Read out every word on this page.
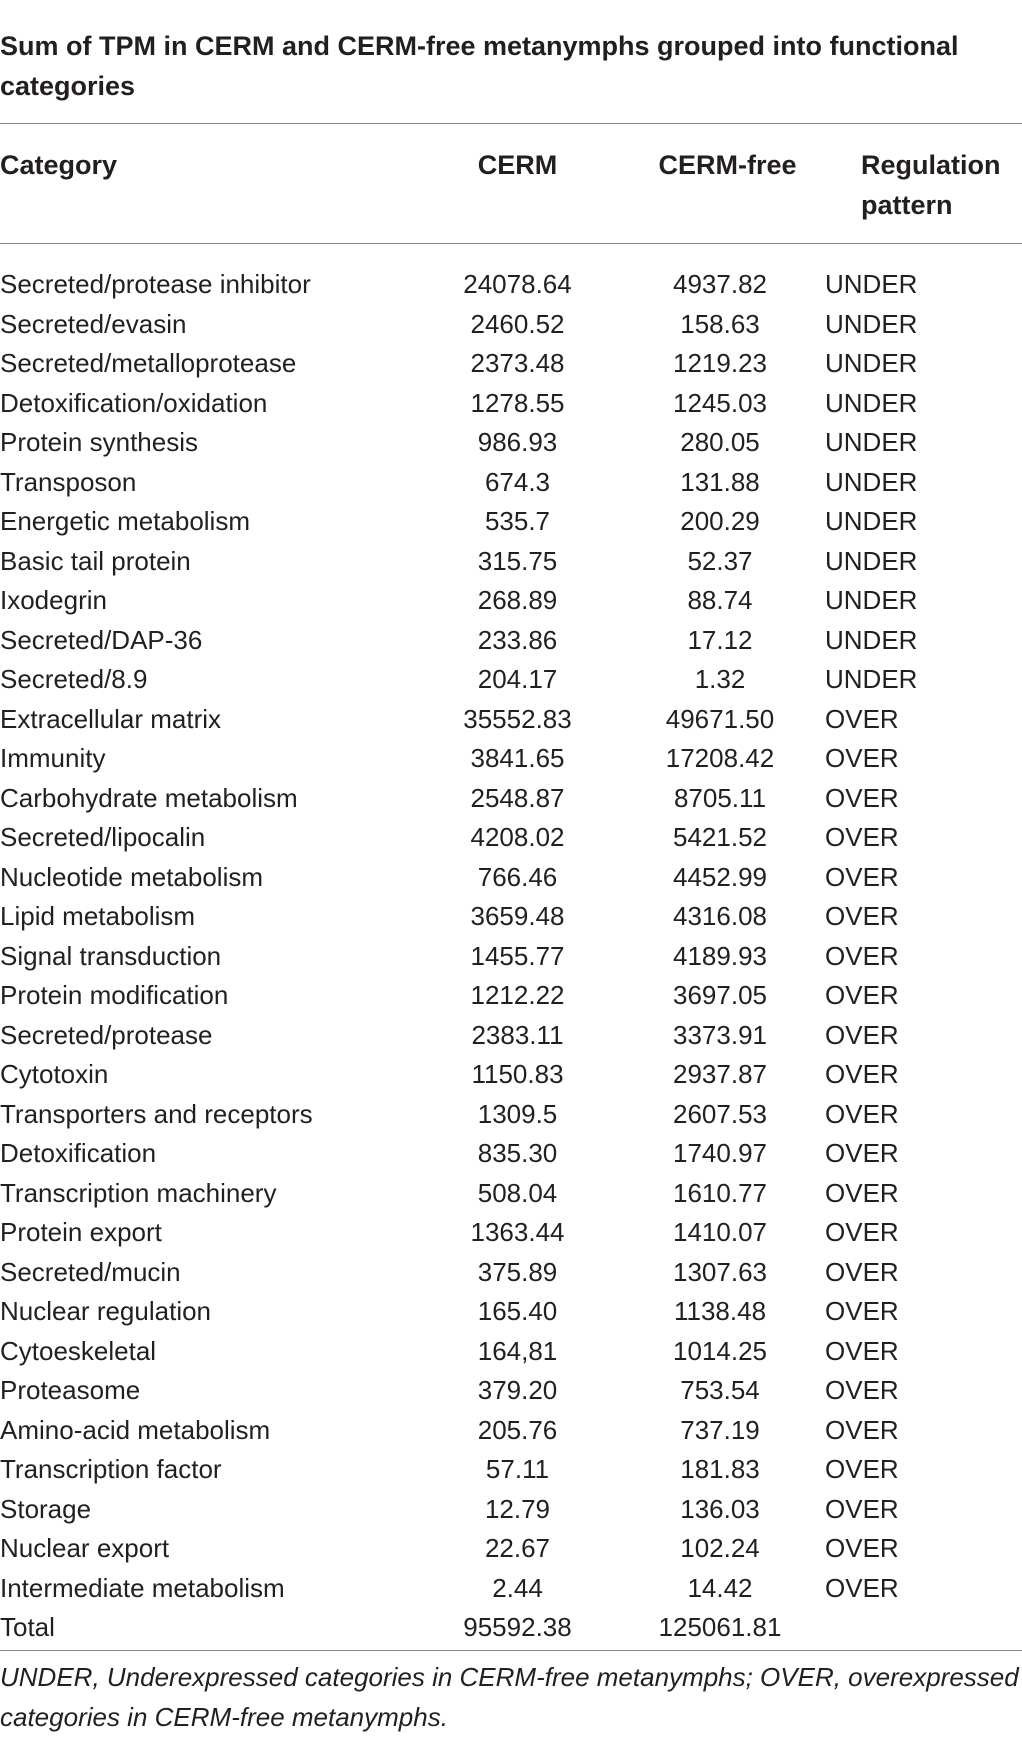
Sum of TPM in CERM and CERM-free metanymphs grouped into functional categories
Category	CERM	CERM-free	Regulation
pattern
Secreted/protease inhibitor	24078.64	4937.82	UNDER
Secreted/evasin	2460.52	158.63	UNDER
Secreted/metalloprotease	2373.48	1219.23	UNDER
Detoxification/oxidation	1278.55	1245.03	UNDER
Protein synthesis	986.93	280.05	UNDER
Transposon	674.3	131.88	UNDER
Energetic metabolism	535.7	200.29	UNDER
Basic tail protein	315.75	52.37	UNDER
Ixodegrin	268.89	88.74	UNDER
Secreted/DAP-36	233.86	17.12	UNDER
Secreted/8.9	204.17	1.32	UNDER
Extracellular matrix	35552.83	49671.50	OVER
Immunity	3841.65	17208.42	OVER
Carbohydrate metabolism	2548.87	8705.11	OVER
Secreted/lipocalin	4208.02	5421.52	OVER
Nucleotide metabolism	766.46	4452.99	OVER
Lipid metabolism	3659.48	4316.08	OVER
Signal transduction	1455.77	4189.93	OVER
Protein modification	1212.22	3697.05	OVER
Secreted/protease	2383.11	3373.91	OVER
Cytotoxin	1150.83	2937.87	OVER
Transporters and receptors	1309.5	2607.53	OVER
Detoxification	835.30	1740.97	OVER
Transcription machinery	508.04	1610.77	OVER
Protein export	1363.44	1410.07	OVER
Secreted/mucin	375.89	1307.63	OVER
Nuclear regulation	165.40	1138.48	OVER
Cytoeskeletal	164,81	1014.25	OVER
Proteasome	379.20	753.54	OVER
Amino-acid metabolism	205.76	737.19	OVER
Transcription factor	57.11	181.83	OVER
Storage	12.79	136.03	OVER
Nuclear export	22.67	102.24	OVER
Intermediate metabolism	2.44	14.42	OVER
Total	95592.38	125061.81	
UNDER, Underexpressed categories in CERM-free metanymphs; OVER, overexpressed categories in CERM-free metanymphs.
